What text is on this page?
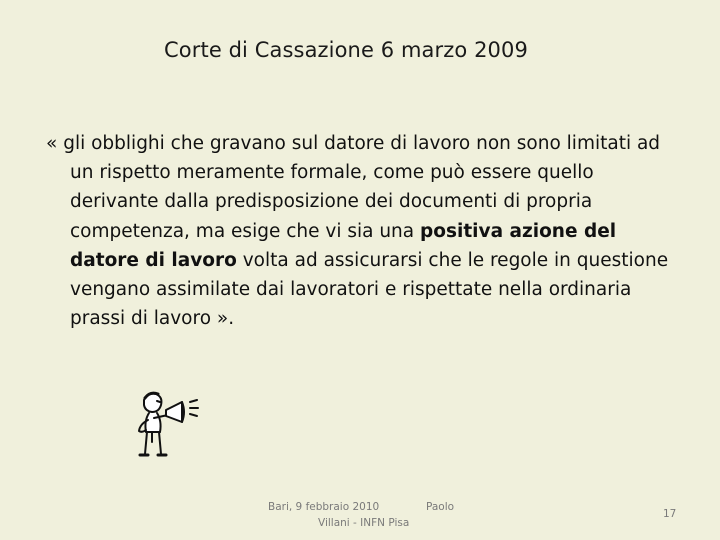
Corte di Cassazione 6 marzo 2009

« gli obblighi che gravano sul datore di lavoro non sono limitati ad un rispetto meramente formale, come può essere quello derivante dalla predisposizione dei documenti di propria competenza, ma esige che vi sia una positiva azione del datore di lavoro volta ad assicurarsi che le regole in questione vengano assimilate dai lavoratori e rispettate nella ordinaria prassi di lavoro ».

Bari, 9 febbraio 2010	Paolo
Villani - INFN Pisa
17
